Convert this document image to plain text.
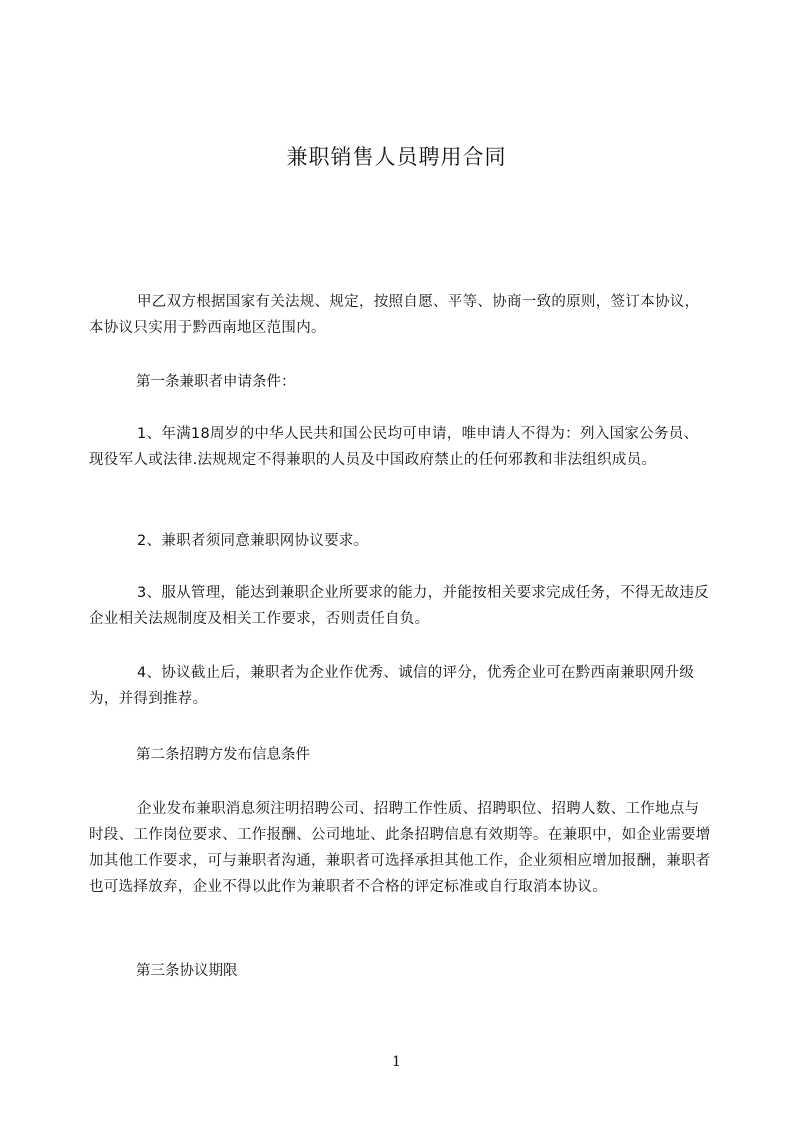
兼职销售人员聘用合同
甲乙双方根据国家有关法规、规定，按照自愿、平等、协商一致的原则，签订本协议，本协议只实用于黔西南地区范围内。
第一条兼职者申请条件：
1、年满18周岁的中华人民共和国公民均可申请，唯申请人不得为：列入国家公务员、现役军人或法律.法规规定不得兼职的人员及中国政府禁止的任何邪教和非法组织成员。
2、兼职者须同意兼职网协议要求。
3、服从管理，能达到兼职企业所要求的能力，并能按相关要求完成任务，不得无故违反企业相关法规制度及相关工作要求，否则责任自负。
4、协议截止后，兼职者为企业作优秀、诚信的评分，优秀企业可在黔西南兼职网升级为，并得到推荐。
第二条招聘方发布信息条件
企业发布兼职消息须注明招聘公司、招聘工作性质、招聘职位、招聘人数、工作地点与时段、工作岗位要求、工作报酬、公司地址、此条招聘信息有效期等。在兼职中，如企业需要增加其他工作要求，可与兼职者沟通，兼职者可选择承担其他工作，企业须相应增加报酬，兼职者也可选择放弃，企业不得以此作为兼职者不合格的评定标准或自行取消本协议。
第三条协议期限
1
